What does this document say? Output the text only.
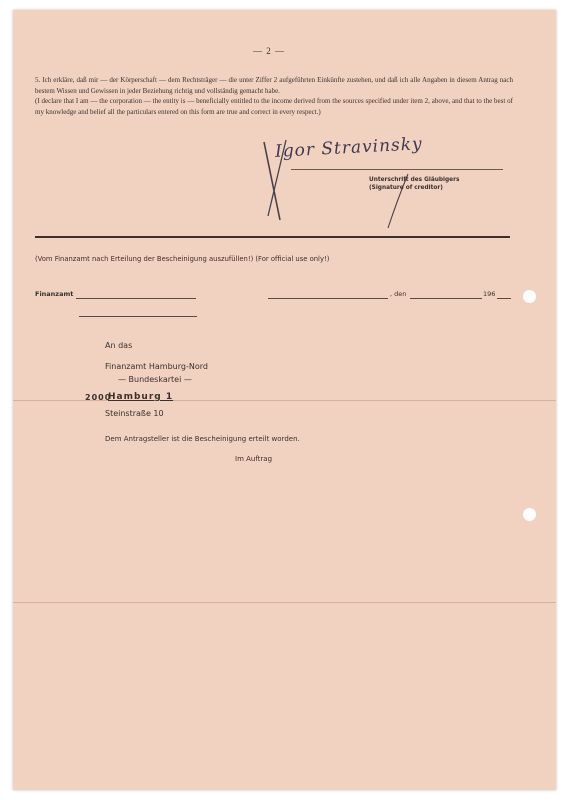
— 2 —

5. Ich erkläre, daß mir — der Körperschaft — dem Rechtsträger — die unter Ziffer 2 aufgeführten Einkünfte zustehen, und daß ich alle Angaben in diesem Antrag nach bestem Wissen und Gewissen in jeder Beziehung richtig und vollständig gemacht habe.

(I declare that I am — the corporation — the entity is — beneficially entitled to the income derived from the sources specified under item 2, above, and that to the best of my knowledge and belief all the particulars entered on this form are true and correct in every respect.)

Igor Stravinsky
Unterschrift des Gläubigers
(Signature of creditor)
(Vom Finanzamt nach Erteilung der Bescheinigung auszufüllen!) (For official use only!)
Finanzamt	, den	196
An das
Finanzamt Hamburg-Nord
— Bundeskartei —
2000
Hamburg 1
Steinstraße 10
Dem Antragsteller ist die Bescheinigung erteilt worden.
Im Auftrag
